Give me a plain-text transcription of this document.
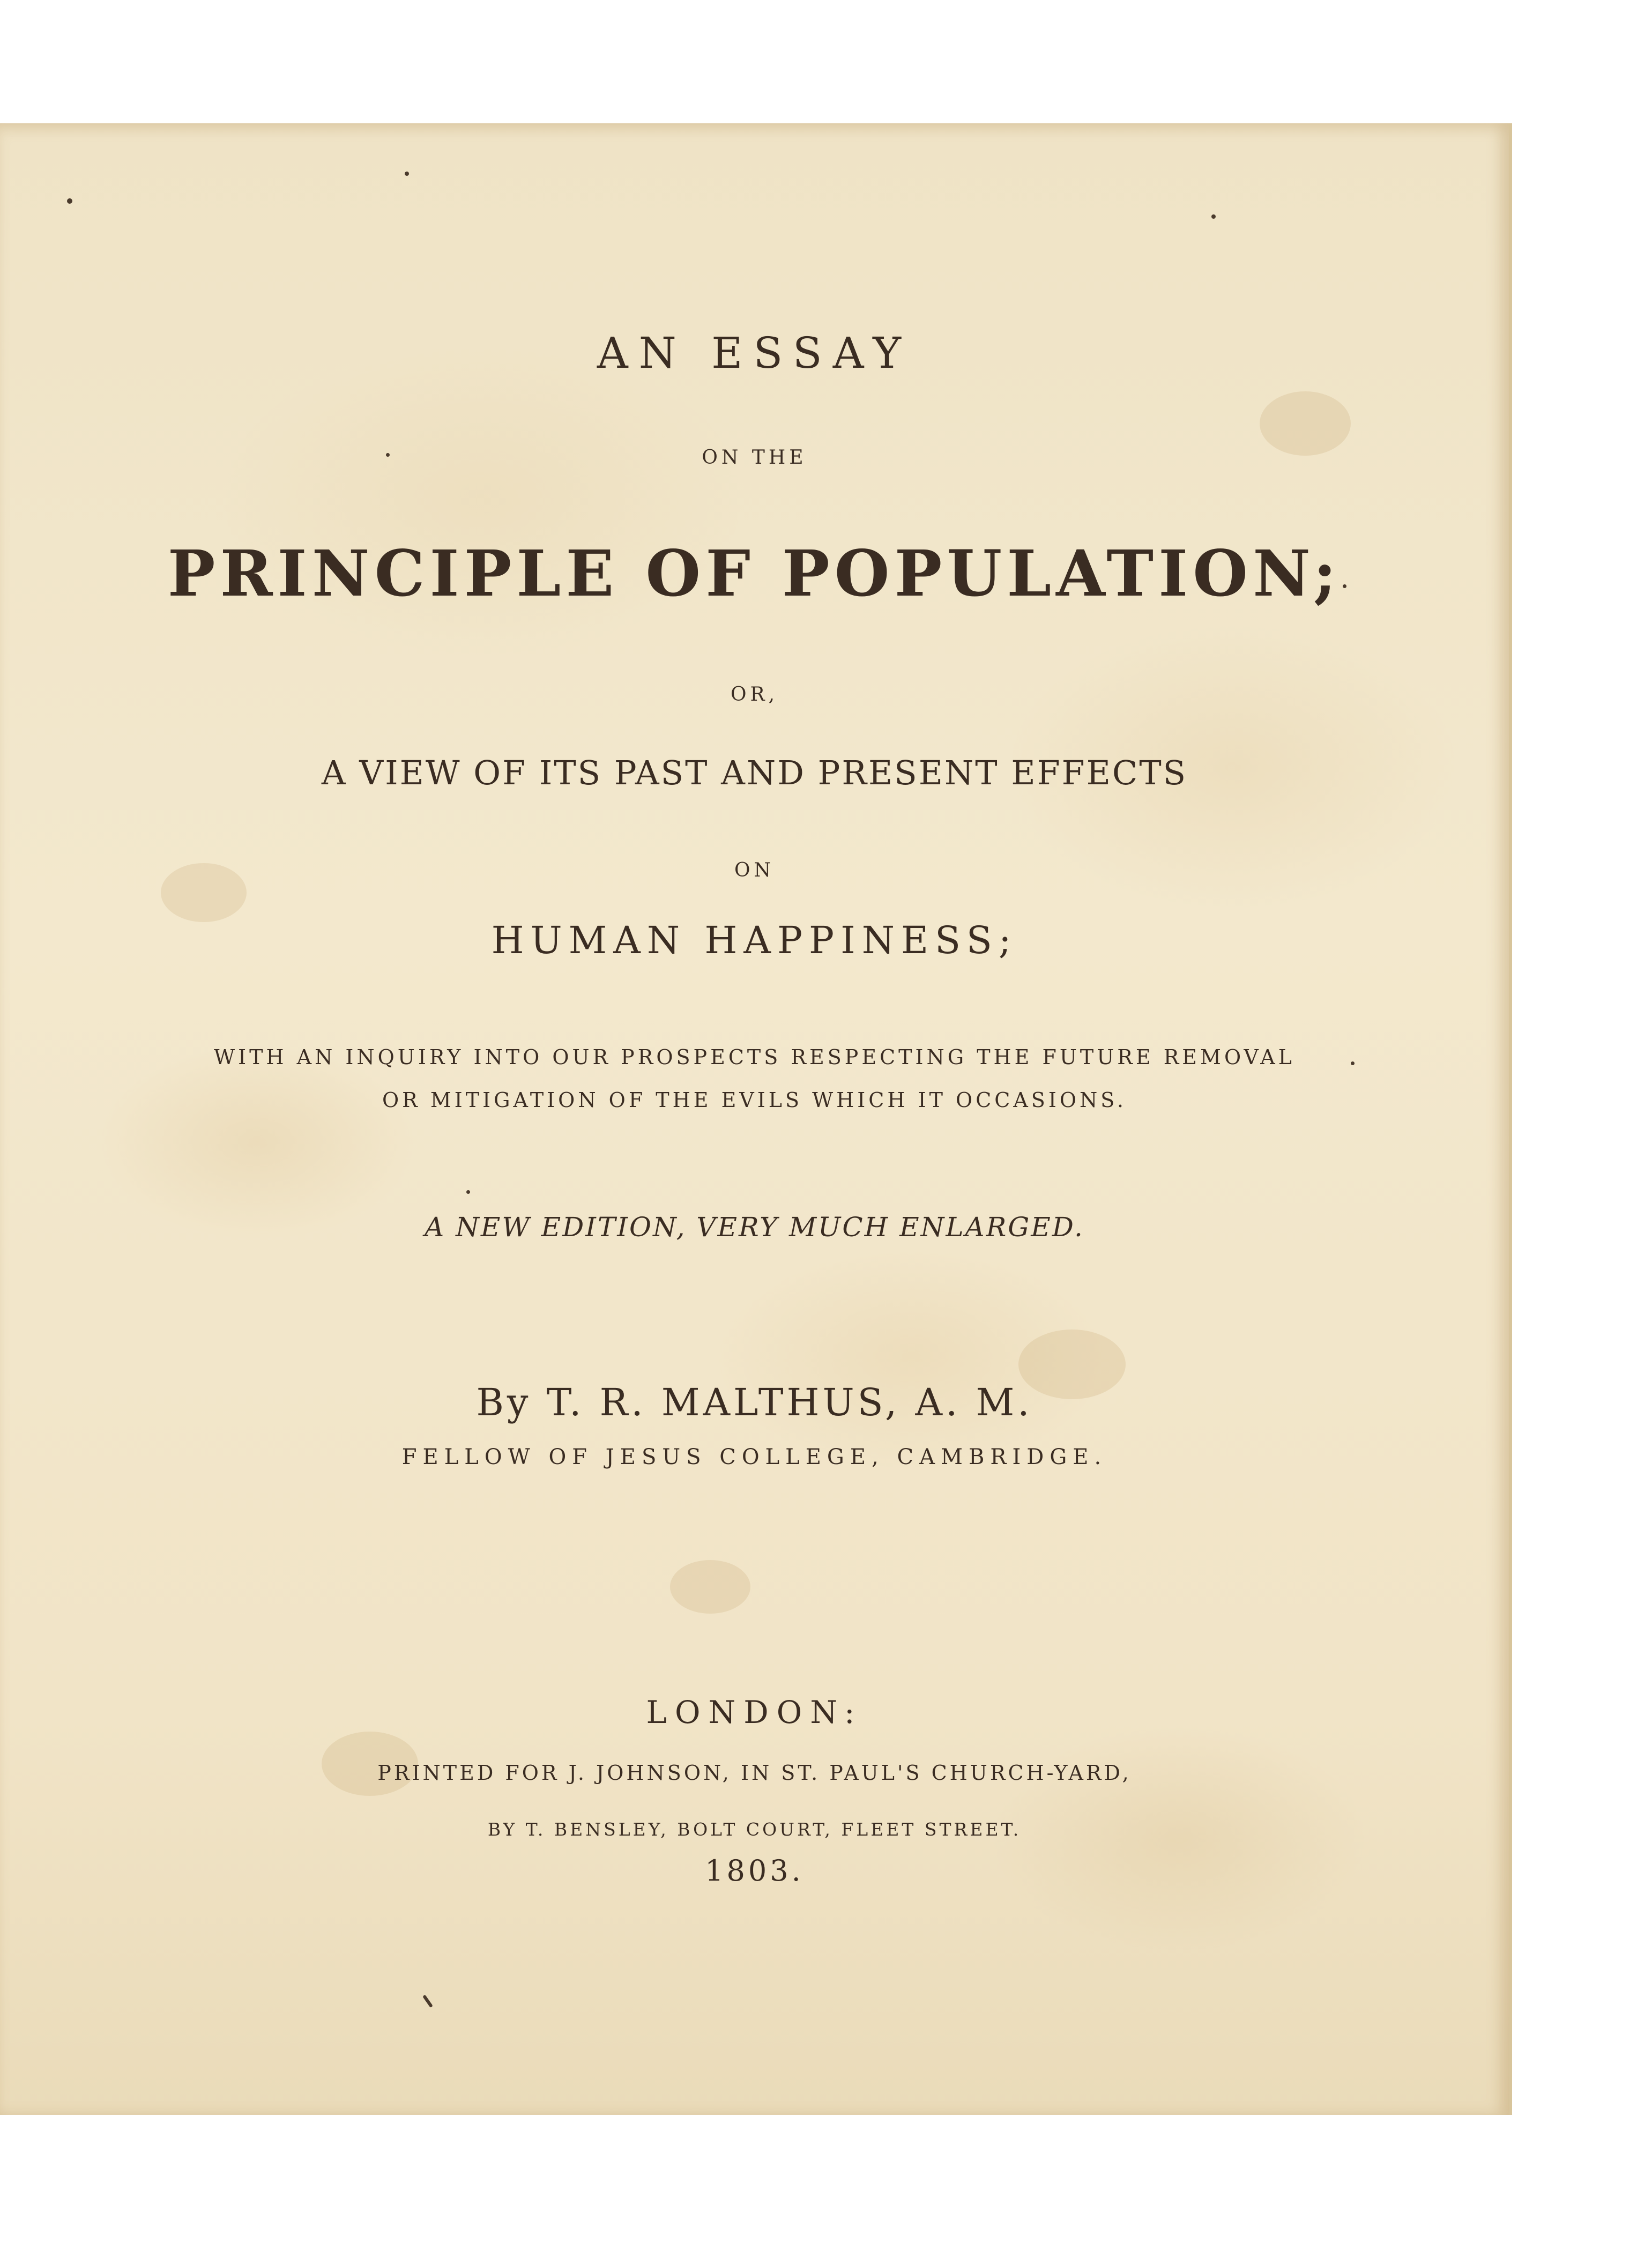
AN ESSAY
ON THE
PRINCIPLE OF POPULATION;
OR,
A VIEW OF ITS PAST AND PRESENT EFFECTS
ON
HUMAN HAPPINESS;
WITH AN INQUIRY INTO OUR PROSPECTS RESPECTING THE FUTURE REMOVAL
OR MITIGATION OF THE EVILS WHICH IT OCCASIONS.
A NEW EDITION, VERY MUCH ENLARGED.
By T. R. MALTHUS, A. M.
FELLOW OF JESUS COLLEGE, CAMBRIDGE.
LONDON:
PRINTED FOR J. JOHNSON, IN ST. PAUL'S CHURCH-YARD,
BY T. BENSLEY, BOLT COURT, FLEET STREET.
1803.
